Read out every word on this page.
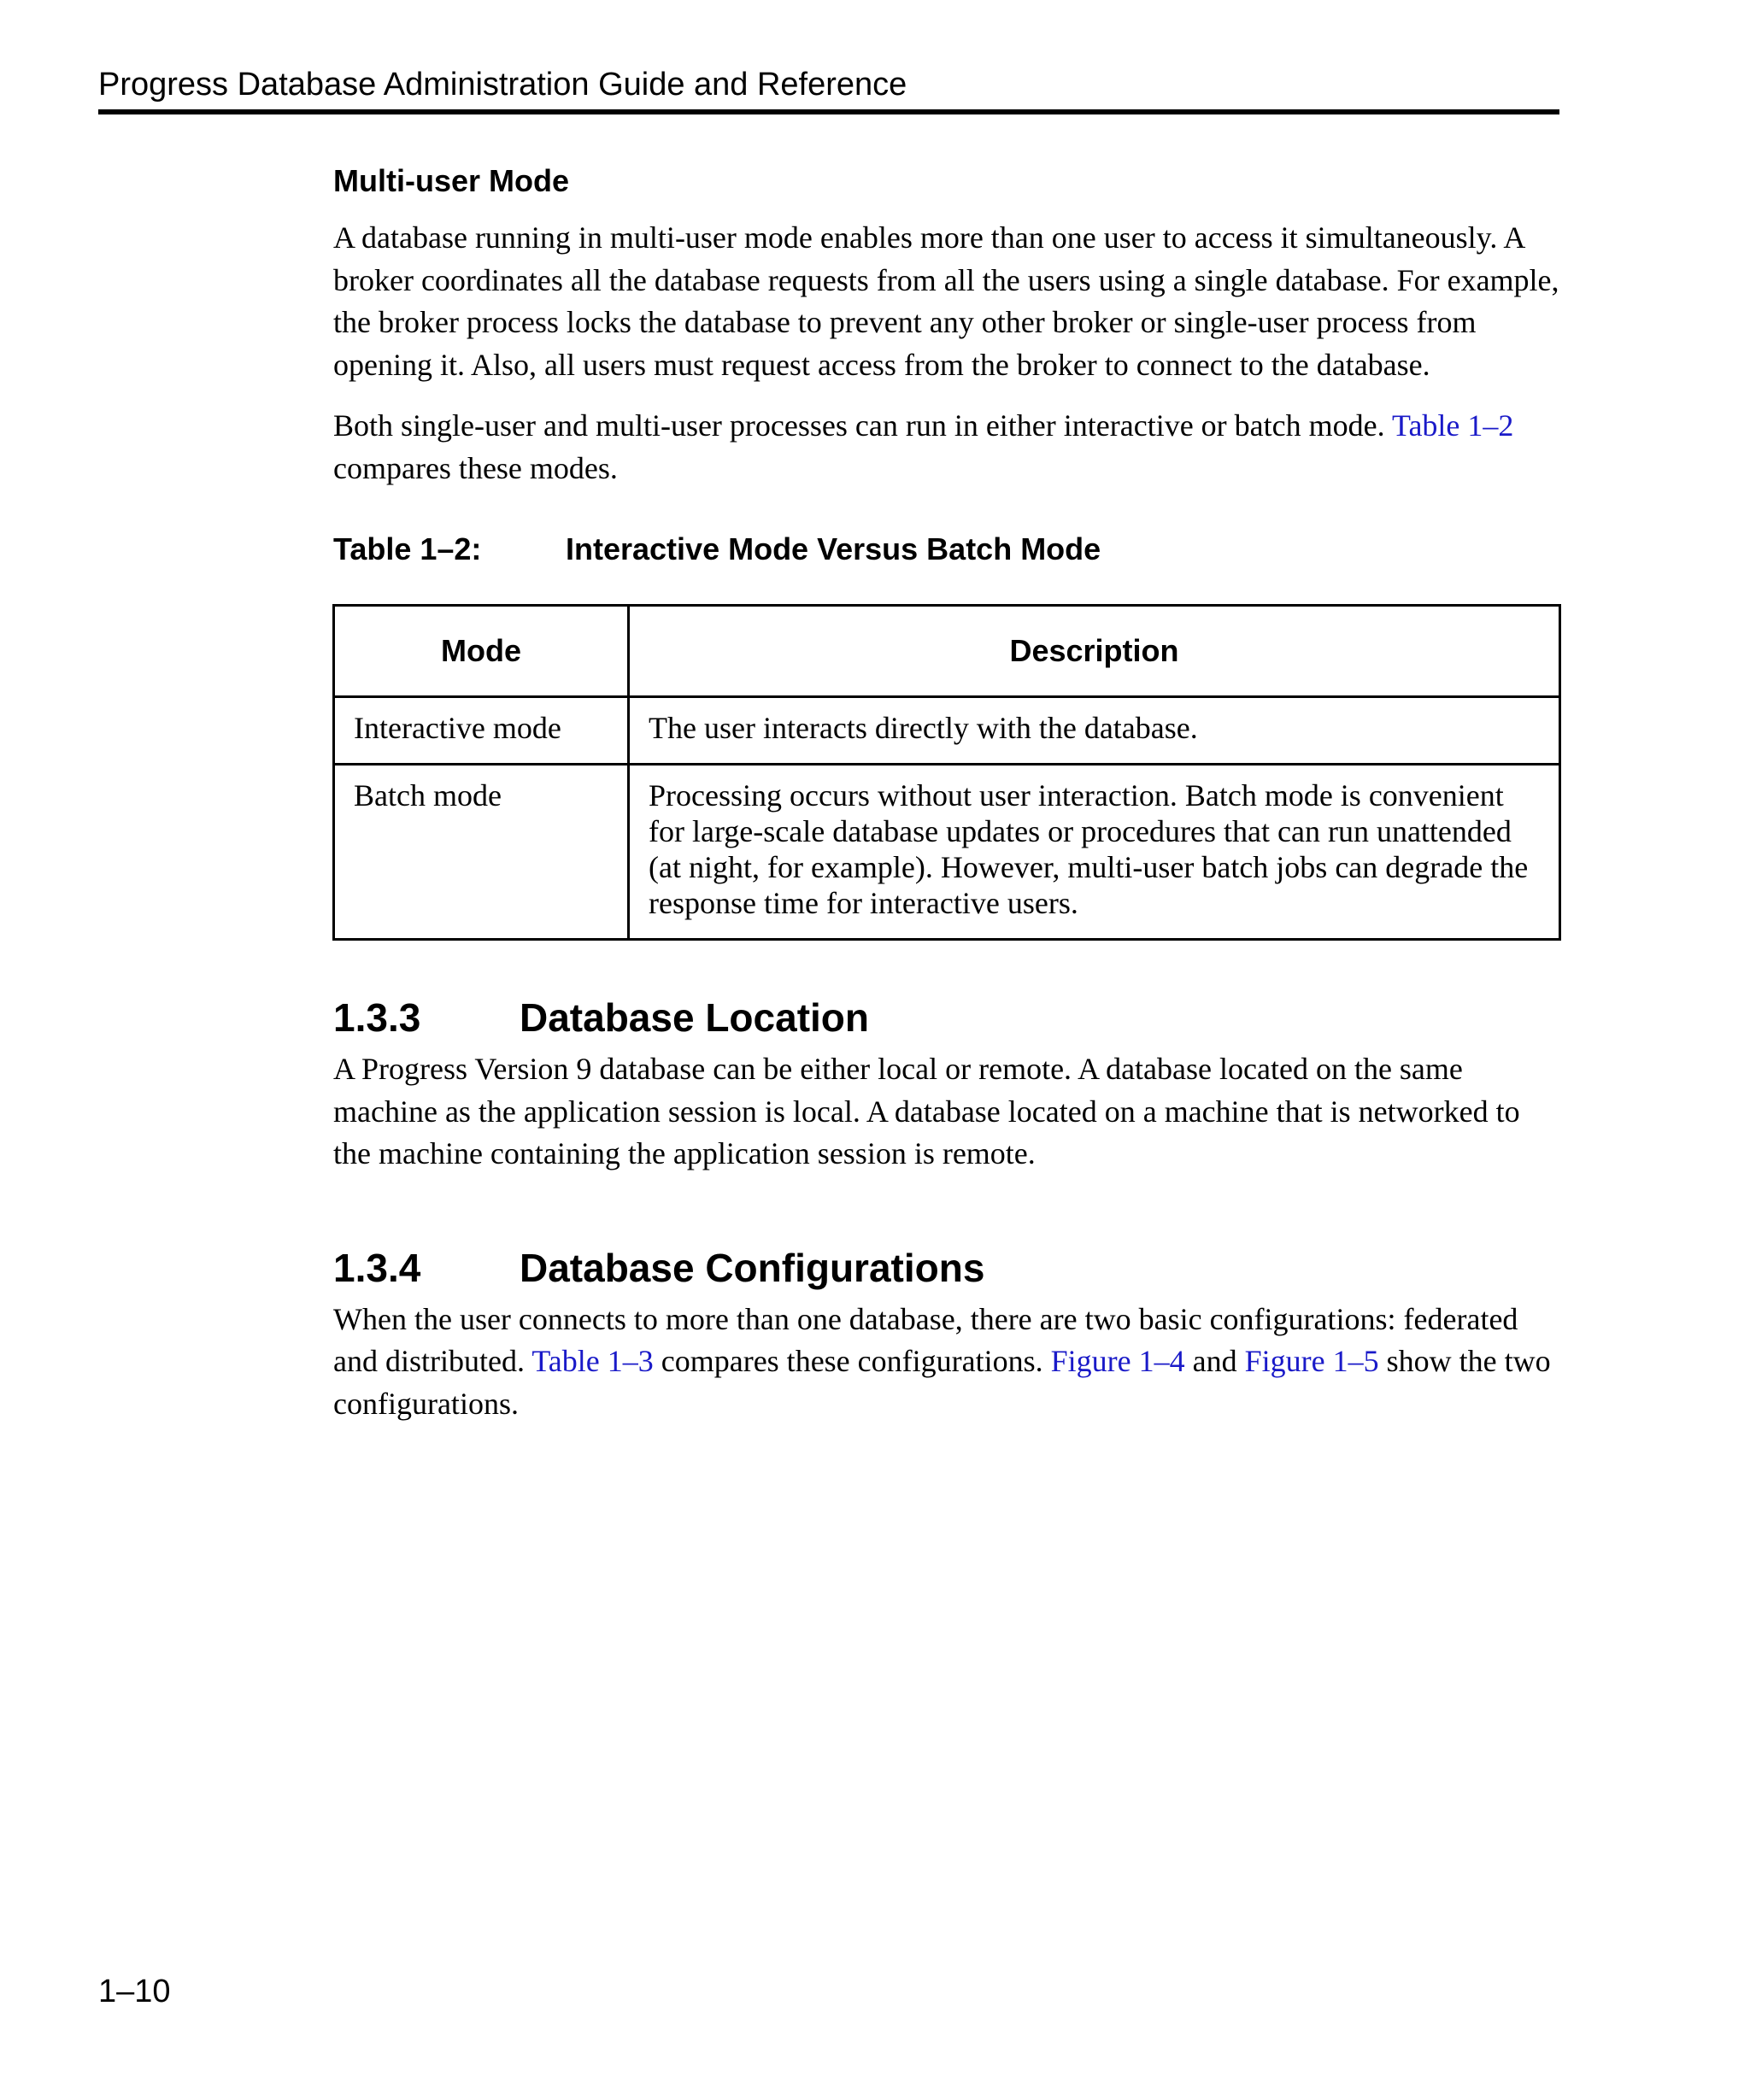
Progress Database Administration Guide and Reference
Multi-user Mode

A database running in multi-user mode enables more than one user to access it simultaneously. A broker coordinates all the database requests from all the users using a single database. For example, the broker process locks the database to prevent any other broker or single-user process from opening it. Also, all users must request access from the broker to connect to the database.

Both single-user and multi-user processes can run in either interactive or batch mode. Table 1–2 compares these modes.

Table 1–2:	Interactive Mode Versus Batch Mode
Mode	Description
Interactive mode	The user interacts directly with the database.
Batch mode	Processing occurs without user interaction. Batch mode is convenient for large-scale database updates or procedures that can run unattended (at night, for example). However, multi-user batch jobs can degrade the response time for interactive users.
1.3.3	Database Location

A Progress Version 9 database can be either local or remote. A database located on the same machine as the application session is local. A database located on a machine that is networked to the machine containing the application session is remote.

1.3.4	Database Configurations

When the user connects to more than one database, there are two basic configurations: federated and distributed. Table 1–3 compares these configurations. Figure 1–4 and Figure 1–5 show the two configurations.

1–10
